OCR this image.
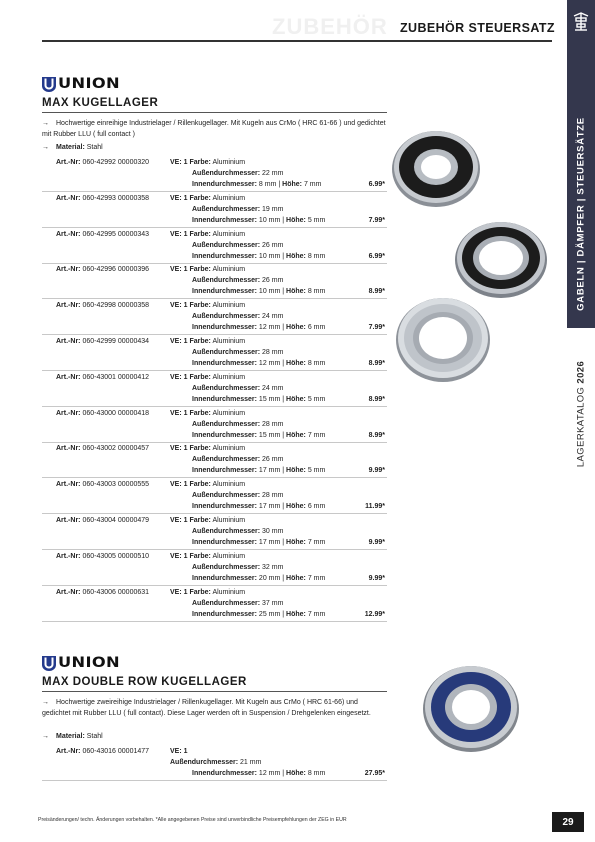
ZUBEHÖR ZUBEHÖR STEUERSATZ
GABELN | DÄMPFER | STEUERSÄTZE
LAGERKATALOG 2026
UNION
MAX KUGELLAGER
→ Hochwertige einreihige Industrielager / Rillenkugellager. Mit Kugeln aus CrMo ( HRC 61-66 ) und gedichtet mit Rubber LLU ( full contact )
→ Material: Stahl
Art.-Nr: 060-42992 00000320	VE: 1 Farbe: Aluminium
Außendurchmesser: 22 mm
Innendurchmesser: 8 mm | Höhe: 7 mm	6.99*
Art.-Nr: 060-42993 00000358	VE: 1 Farbe: Aluminium
Außendurchmesser: 19 mm
Innendurchmesser: 10 mm | Höhe: 5 mm	7.99*
Art.-Nr: 060-42995 00000343	VE: 1 Farbe: Aluminium
Außendurchmesser: 26 mm
Innendurchmesser: 10 mm | Höhe: 8 mm	6.99*
Art.-Nr: 060-42996 00000396	VE: 1 Farbe: Aluminium
Außendurchmesser: 26 mm
Innendurchmesser: 10 mm | Höhe: 8 mm	8.99*
Art.-Nr: 060-42998 00000358	VE: 1 Farbe: Aluminium
Außendurchmesser: 24 mm
Innendurchmesser: 12 mm | Höhe: 6 mm	7.99*
Art.-Nr: 060-42999 00000434	VE: 1 Farbe: Aluminium
Außendurchmesser: 28 mm
Innendurchmesser: 12 mm | Höhe: 8 mm	8.99*
Art.-Nr: 060-43001 00000412	VE: 1 Farbe: Aluminium
Außendurchmesser: 24 mm
Innendurchmesser: 15 mm | Höhe: 5 mm	8.99*
Art.-Nr: 060-43000 00000418	VE: 1 Farbe: Aluminium
Außendurchmesser: 28 mm
Innendurchmesser: 15 mm | Höhe: 7 mm	8.99*
Art.-Nr: 060-43002 00000457	VE: 1 Farbe: Aluminium
Außendurchmesser: 26 mm
Innendurchmesser: 17 mm | Höhe: 5 mm	9.99*
Art.-Nr: 060-43003 00000555	VE: 1 Farbe: Aluminium
Außendurchmesser: 28 mm
Innendurchmesser: 17 mm | Höhe: 6 mm	11.99*
Art.-Nr: 060-43004 00000479	VE: 1 Farbe: Aluminium
Außendurchmesser: 30 mm
Innendurchmesser: 17 mm | Höhe: 7 mm	9.99*
Art.-Nr: 060-43005 00000510	VE: 1 Farbe: Aluminium
Außendurchmesser: 32 mm
Innendurchmesser: 20 mm | Höhe: 7 mm	9.99*
Art.-Nr: 060-43006 00000631	VE: 1 Farbe: Aluminium
Außendurchmesser: 37 mm
Innendurchmesser: 25 mm | Höhe: 7 mm	12.99*
UNION
MAX DOUBLE ROW KUGELLAGER
→ Hochwertige zweireihige Industrielager / Rillenkugellager. Mit Kugeln aus CrMo ( HRC 61-66) und gedichtet mit Rubber LLU ( full contact). Diese Lager werden oft in Suspension / Drehgelenken eingesetzt.
→ Material: Stahl
Art.-Nr: 060-43016 00001477	VE: 1
Außendurchmesser: 21 mm
Innendurchmesser: 12 mm | Höhe: 8 mm	27.95*
Preisänderungen/ techn. Änderungen vorbehalten. *Alle angegebenen Preise sind unverbindliche Preisempfehlungen der ZEG in EUR	29
